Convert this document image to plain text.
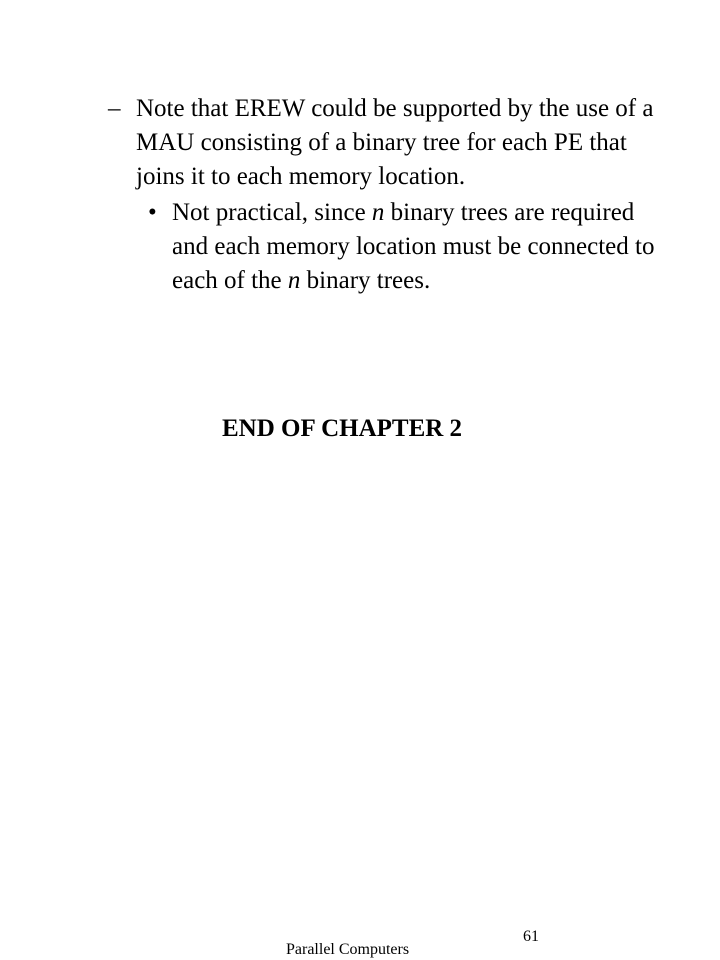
– Note that EREW could be supported by the use of a MAU consisting of a binary tree for each PE that joins it to each memory location.
• Not practical, since n binary trees are required and each memory location must be connected to each of the n binary trees.
END OF CHAPTER 2
61
Parallel Computers
